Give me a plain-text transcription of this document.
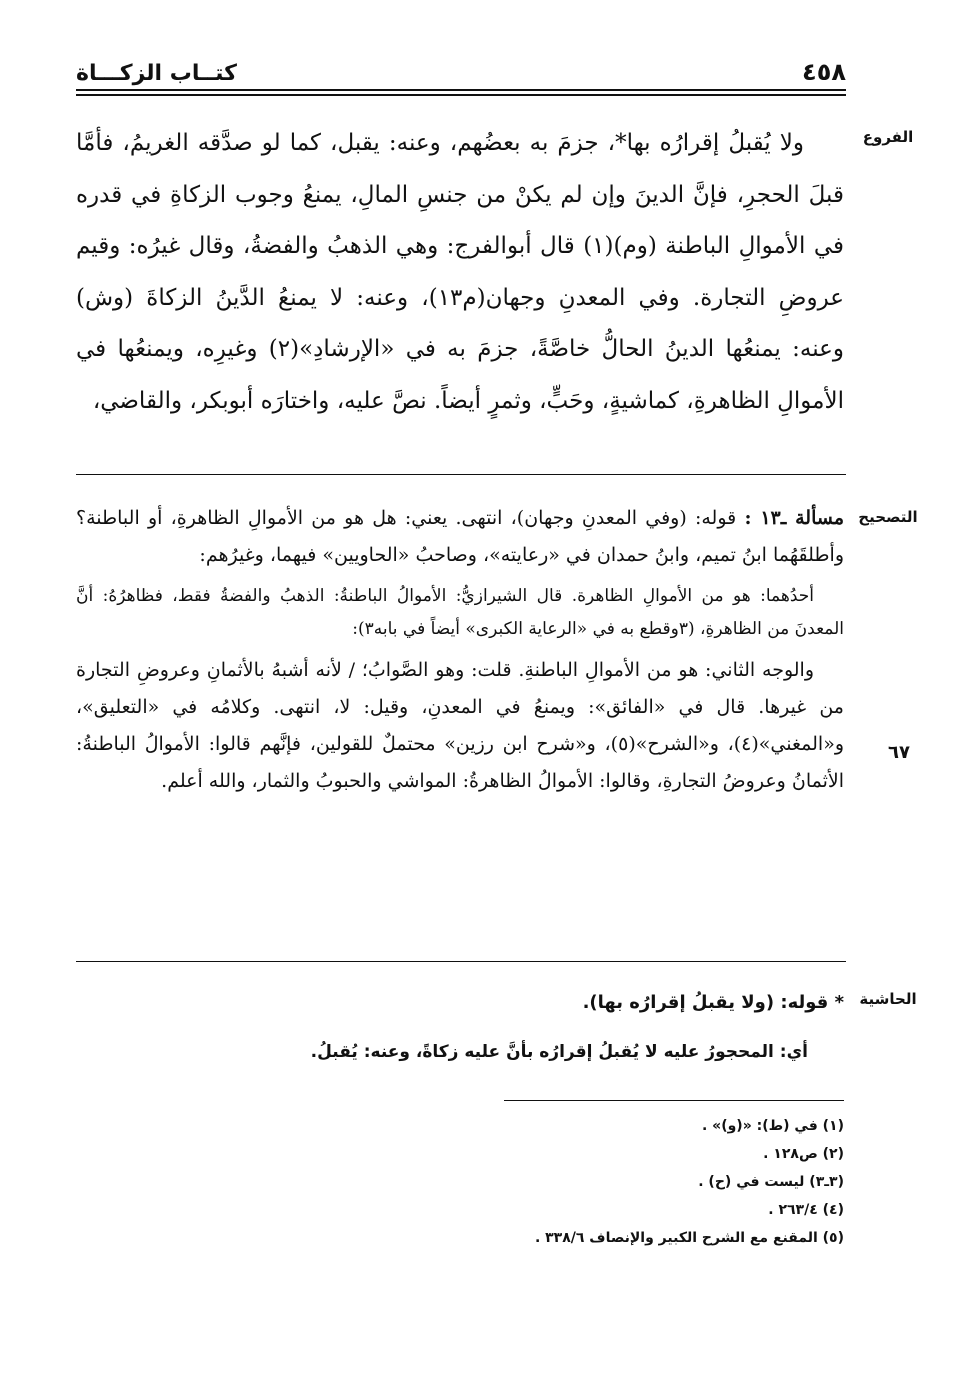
٤٥٨
كتــاب الزكـــاة
الفروع

ولا يُقبلُ إقرارُه بها*، جزمَ به بعضُهم، وعنه: يقبل، كما لو صدَّقه الغريمُ، فأمَّا قبلَ الحجرِ، فإنَّ الدينَ وإن لم يكنْ من جنسِ المالِ، يمنعُ وجوب الزكاةِ في قدره في الأموالِ الباطنة (وم)(١) قال أبوالفرج: وهي الذهبُ والفضةُ، وقال غيرُه: وقيم عروضِ التجارة. وفي المعدنِ وجهان(م١٣)، وعنه: لا يمنعُ الدَّينُ الزكاةَ (وش) وعنه: يمنعُها الدينُ الحالُّ خاصَّةً، جزمَ به في «الإرشادِ»(٢) وغيرِه، ويمنعُها في الأموالِ الظاهرةِ، كماشيةٍ، وحَبٍّ، وثمرٍ أيضاً. نصَّ عليه، واختارَه أبوبكر، والقاضي،

التصحيح

مسألة ـ١٣ : قوله: (وفي المعدنِ وجهان)، انتهى. يعني: هل هو من الأموالِ الظاهرةِ، أو الباطنة؟ وأطلقَهُما ابنُ تميم، وابنُ حمدان في «رعايته»، وصاحبُ «الحاويين» فيهما، وغيرُهم:

أحدُهما: هو من الأموالِ الظاهرة. قال الشيرازيُّ: الأموالُ الباطنةُ: الذهبُ والفضةُ فقط، فظاهرُهُ: أنَّ المعدنَ من الظاهرةِ، (٣وقطع به في «الرعاية الكبرى» أيضاً في بابه٣):

والوجه الثاني: هو من الأموالِ الباطنةِ. قلت: وهو الصَّوابُ؛ / لأنه أشبهُ بالأثمانِ وعروضِ التجارة من غيرها. قال في «الفائق»: ويمنعُ في المعدنِ، وقيل: لا، انتهى. وكلامُه في «التعليق»، و«المغني»(٤)، و«الشرح»(٥)، و«شرح ابن رزين» محتملٌ للقولين، فإنَّهم قالوا: الأموالُ الباطنةُ: الأثمانُ وعروضُ التجارةِ، وقالوا: الأموالُ الظاهرةُ: المواشي والحبوبُ والثمار، والله أعلم.

٦٧
الحاشية
* قوله: (ولا يقبلُ إقرارُه بها).
أي: المحجورُ عليه لا يُقبلُ إقرارُه بأنَّ عليه زكاةً، وعنه: يُقبلُ.
(١) في (ط): «(و)» .
(٢) ص١٢٨ .
(٣ـ٣) ليست في (ح) .
(٤) ٢٦٣/٤ .
(٥) المقنع مع الشرح الكبير والإنصاف ٣٣٨/٦ .
